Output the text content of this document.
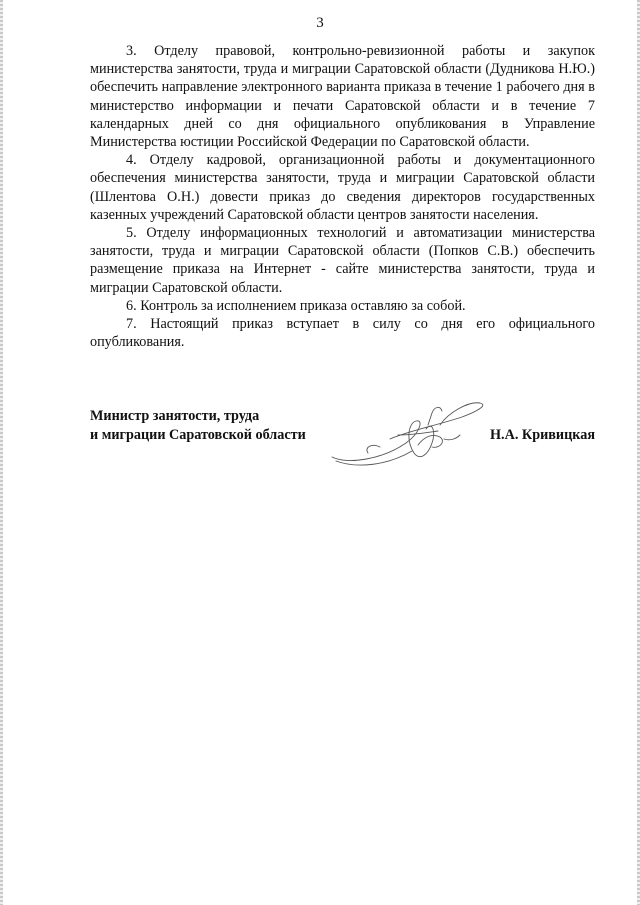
3

3. Отделу правовой, контрольно-ревизионной работы и закупок министерства занятости, труда и миграции Саратовской области (Дудникова Н.Ю.) обеспечить направление электронного варианта приказа в течение 1 рабочего дня в министерство информации и печати Саратовской области и в течение 7 календарных дней со дня официального опубликования в Управление Министерства юстиции Российской Федерации по Саратовской области.

4. Отделу кадровой, организационной работы и документационного обеспечения министерства занятости, труда и миграции Саратовской области (Шлентова О.Н.) довести приказ до сведения директоров государственных казенных учреждений Саратовской области центров занятости населения.

5. Отделу информационных технологий и автоматизации министерства занятости, труда и миграции Саратовской области (Попков С.В.) обеспечить размещение приказа на Интернет - сайте министерства занятости, труда и миграции Саратовской области.

6. Контроль за исполнением приказа оставляю за собой.

7. Настоящий приказ вступает в силу со дня его официального опубликования.

Министр занятости, труда
и миграции Саратовской области	Н.А. Кривицкая
